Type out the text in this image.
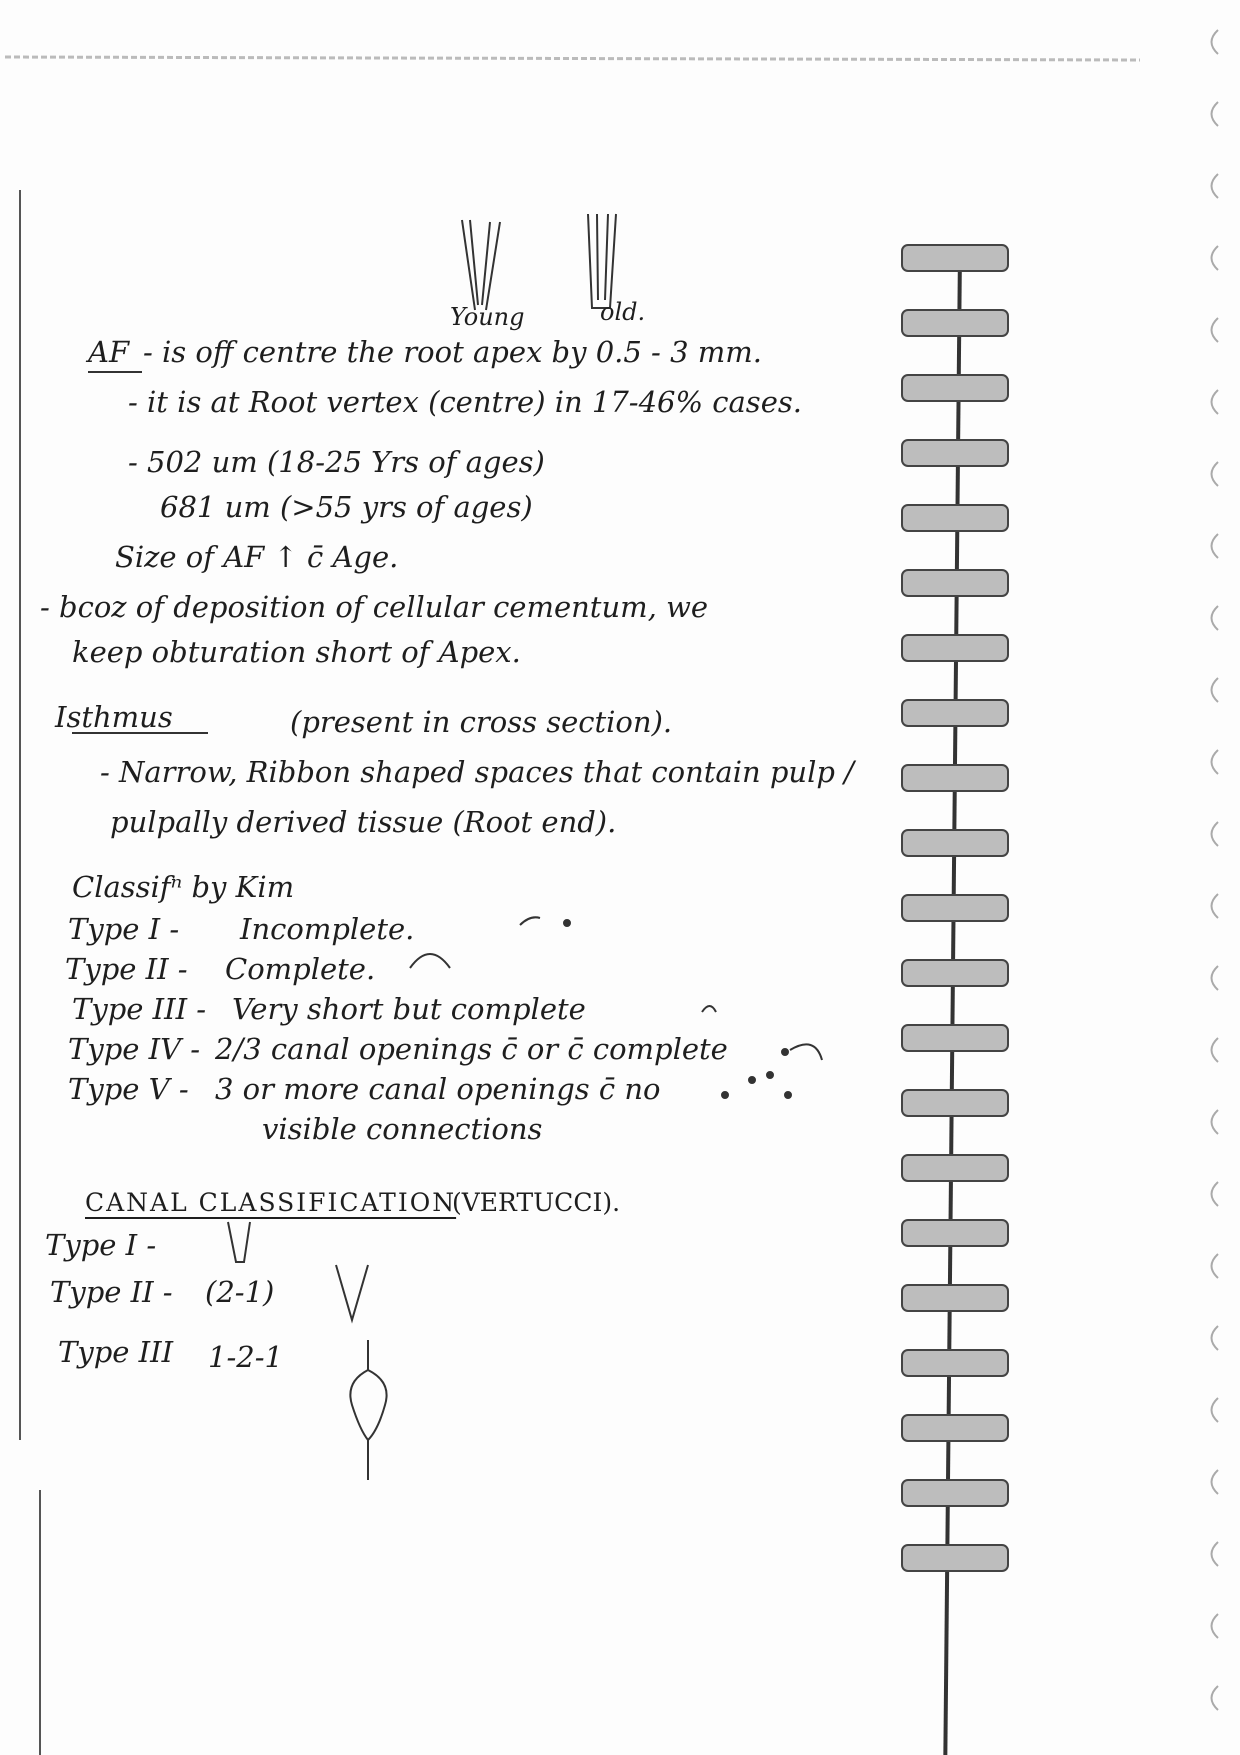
Young	old.
AF - is off centre the root apex by 0.5 - 3 mm.
- it is at Root vertex (centre) in 17-46% cases.
- 502 um (18-25 Yrs of ages)
681 um (>55 yrs of ages)
Size of AF ↑ c̄ Age.
- bcoz of deposition of cellular cementum, we
keep obturation short of Apex.
Isthmus	(present in cross section).
- Narrow, Ribbon shaped spaces that contain pulp /
pulpally derived tissue (Root end).
Classifⁿ by Kim
Type I - Incomplete.
Type II - Complete.
Type III - Very short but complete
Type IV - 2/3 canal openings c̄ or c̄ complete
Type V - 3 or more canal openings c̄ no
visible connections
CANAL CLASSIFICATION
(VERTUCCI).
Type I -
Type II - (2-1)
Type III 1-2-1
